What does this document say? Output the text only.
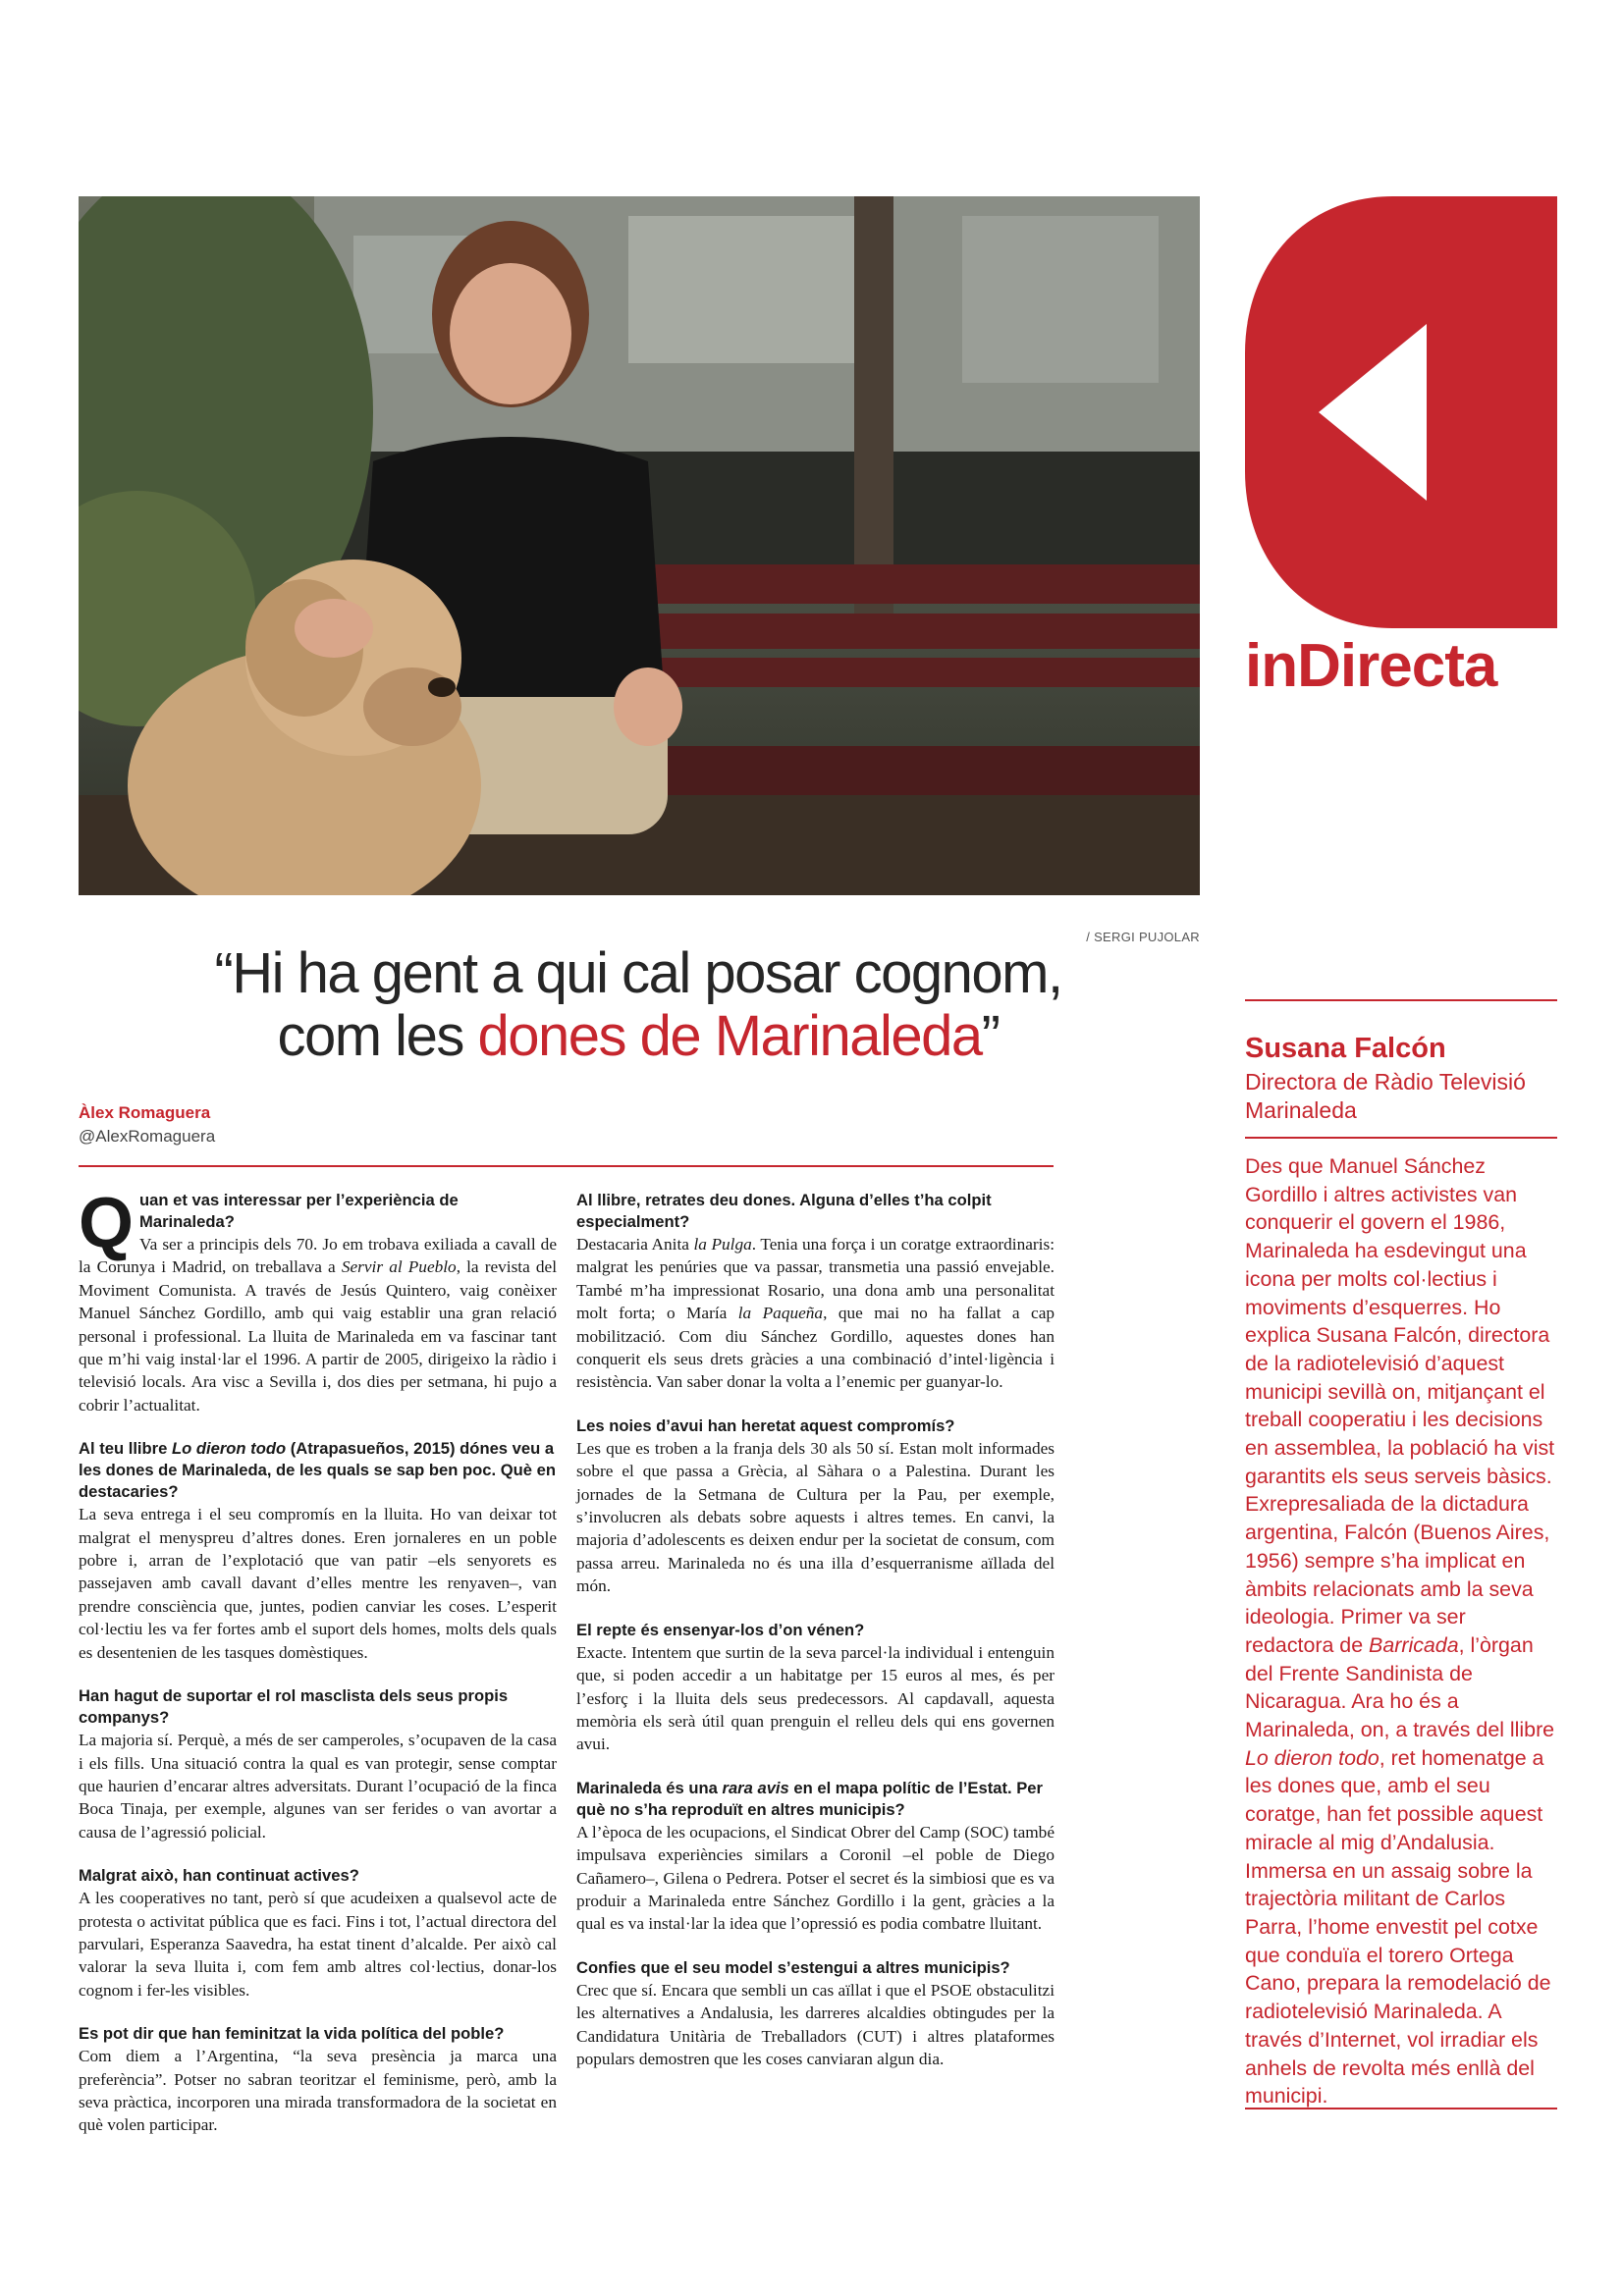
/ SERGI PUJOLAR
inDirecta
“Hi ha gent a qui cal posar cognom,
com les dones de Marinaleda”
Àlex Romaguera
@AlexRomaguera
Q uan et vas interessar per l’experiència de Marinaleda?

Va ser a principis dels 70. Jo em trobava exiliada a cavall de la Corunya i Madrid, on treballava a Servir al Pueblo, la revista del Moviment Comunista. A través de Jesús Quintero, vaig conèixer Manuel Sánchez Gordillo, amb qui vaig establir una gran relació personal i professional. La lluita de Marinaleda em va fascinar tant que m’hi vaig instal·lar el 1996. A partir de 2005, dirigeixo la ràdio i televisió locals. Ara visc a Sevilla i, dos dies per setmana, hi pujo a cobrir l’actualitat.

Al teu llibre Lo dieron todo (Atrapasueños, 2015) dónes veu a les dones de Marinaleda, de les quals se sap ben poc. Què en destacaries?

La seva entrega i el seu compromís en la lluita. Ho van deixar tot malgrat el menyspreu d’altres dones. Eren jornaleres en un poble pobre i, arran de l’explotació que van patir –els senyorets es passejaven amb cavall davant d’elles mentre les renyaven–, van prendre consciència que, juntes, podien canviar les coses. L’esperit col·lectiu les va fer fortes amb el suport dels homes, molts dels quals es desentenien de les tasques domèstiques.

Han hagut de suportar el rol masclista dels seus propis companys?

La majoria sí. Perquè, a més de ser camperoles, s’ocupaven de la casa i els fills. Una situació contra la qual es van protegir, sense comptar que haurien d’encarar altres adversitats. Durant l’ocupació de la finca Boca Tinaja, per exemple, algunes van ser ferides o van avortar a causa de l’agressió policial.

Malgrat això, han continuat actives?

A les cooperatives no tant, però sí que acudeixen a qualsevol acte de protesta o activitat pública que es faci. Fins i tot, l’actual directora del parvulari, Esperanza Saavedra, ha estat tinent d’alcalde. Per això cal valorar la seva lluita i, com fem amb altres col·lectius, donar-los cognom i fer-les visibles.

Es pot dir que han feminitzat la vida política del poble?

Com diem a l’Argentina, “la seva presència ja marca una preferència”. Potser no sabran teoritzar el feminisme, però, amb la seva pràctica, incorporen una mirada transformadora de la societat en què volen participar.

Al llibre, retrates deu dones. Alguna d’elles t’ha colpit especialment?

Destacaria Anita la Pulga. Tenia una força i un coratge extraordinaris: malgrat les penúries que va passar, transmetia una passió envejable. També m’ha impressionat Rosario, una dona amb una personalitat molt forta; o María la Paqueña, que mai no ha fallat a cap mobilització. Com diu Sánchez Gordillo, aquestes dones han conquerit els seus drets gràcies a una combinació d’intel·ligència i resistència. Van saber donar la volta a l’enemic per guanyar-lo.

Les noies d’avui han heretat aquest compromís?

Les que es troben a la franja dels 30 als 50 sí. Estan molt informades sobre el que passa a Grècia, al Sàhara o a Palestina. Durant les jornades de la Setmana de Cultura per la Pau, per exemple, s’involucren als debats sobre aquests i altres temes. En canvi, la majoria d’adolescents es deixen endur per la societat de consum, com passa arreu. Marinaleda no és una illa d’esquerranisme aïllada del món.

El repte és ensenyar-los d’on vénen?

Exacte. Intentem que surtin de la seva parcel·la individual i entenguin que, si poden accedir a un habitatge per 15 euros al mes, és per l’esforç i la lluita dels seus predecessors. Al capdavall, aquesta memòria els serà útil quan prenguin el relleu dels qui ens governen avui.

Marinaleda és una rara avis en el mapa polític de l’Estat. Per què no s’ha reproduït en altres municipis?

A l’època de les ocupacions, el Sindicat Obrer del Camp (SOC) també impulsava experiències similars a Coronil –el poble de Diego Cañamero–, Gilena o Pedrera. Potser el secret és la simbiosi que es va produir a Marinaleda entre Sánchez Gordillo i la gent, gràcies a la qual es va instal·lar la idea que l’opressió es podia combatre lluitant.

Confies que el seu model s’estengui a altres municipis?

Crec que sí. Encara que sembli un cas aïllat i que el PSOE obstaculitzi les alternatives a Andalusia, les darreres alcaldies obtingudes per la Candidatura Unitària de Treballadors (CUT) i altres plataformes populars demostren que les coses canviaran algun dia.

Susana Falcón
Directora de Ràdio Televisió Marinaleda
Des que Manuel Sánchez Gordillo i altres activistes van conquerir el govern el 1986, Marinaleda ha esdevingut una icona per molts col·lectius i moviments d’esquerres. Ho explica Susana Falcón, directora de la radiotelevisió d’aquest municipi sevillà on, mitjançant el treball cooperatiu i les decisions en assemblea, la població ha vist garantits els seus serveis bàsics. Exrepresaliada de la dictadura argentina, Falcón (Buenos Aires, 1956) sempre s’ha implicat en àmbits relacionats amb la seva ideologia. Primer va ser redactora de Barricada, l’òrgan del Frente Sandinista de Nicaragua. Ara ho és a Marinaleda, on, a través del llibre Lo dieron todo, ret homenatge a les dones que, amb el seu coratge, han fet possible aquest miracle al mig d’Andalusia. Immersa en un assaig sobre la trajectòria militant de Carlos Parra, l’home envestit pel cotxe que conduïa el torero Ortega Cano, prepara la remodelació de radiotelevisió Marinaleda. A través d’Internet, vol irradiar els anhels de revolta més enllà del municipi.
